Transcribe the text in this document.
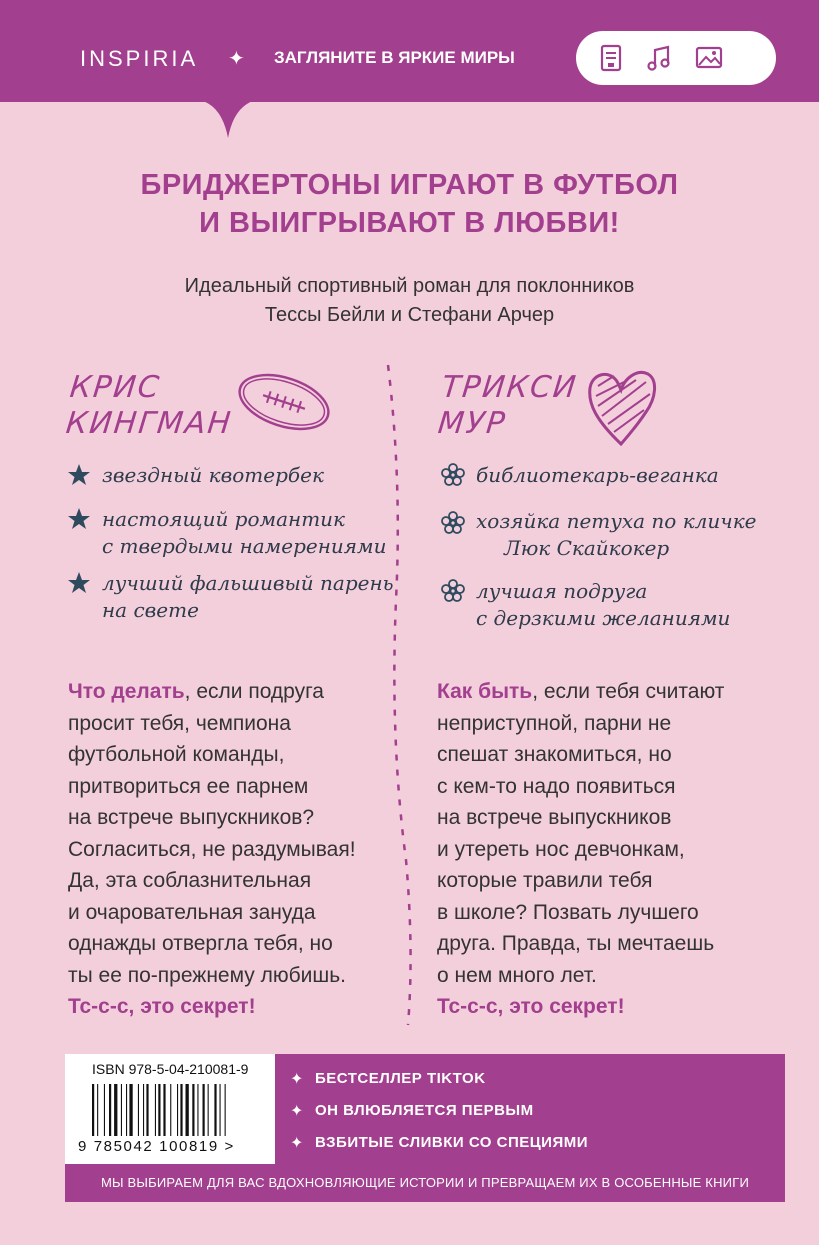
INSPIRIA ✦ ЗАГЛЯНИТЕ В ЯРКИЕ МИРЫ
БРИДЖЕРТОНЫ ИГРАЮТ В ФУТБОЛ
И ВЫИГРЫВАЮТ В ЛЮБВИ!
Идеальный спортивный роман для поклонников
Тессы Бейли и Стефани Арчер
КРИС
КИНГМАН
звездный квотербек
настоящий романтик
с твердыми намерениями
лучший фальшивый парень
на свете
Что делать, если подруга
просит тебя, чемпиона
футбольной команды,
притвориться ее парнем
на встрече выпускников?
Согласиться, не раздумывая!
Да, эта соблазнительная
и очаровательная зануда
однажды отвергла тебя, но
ты ее по-прежнему любишь.
Тс-с-с, это секрет!
ТРИКСИ
МУР
библиотекарь-веганка
хозяйка петуха по кличке
Люк Скайкокер
лучшая подруга
с дерзкими желаниями
Как быть, если тебя считают
неприступной, парни не
спешат знакомиться, но
с кем-то надо появиться
на встрече выпускников
и утереть нос девчонкам,
которые травили тебя
в школе? Позвать лучшего
друга. Правда, ты мечтаешь
о нем много лет.
Тс-с-с, это секрет!
ISBN 978-5-04-210081-9
9 785042 100819 >
✦ БЕСТСЕЛЛЕР TIKTOK
✦ ОН ВЛЮБЛЯЕТСЯ ПЕРВЫМ
✦ ВЗБИТЫЕ СЛИВКИ СО СПЕЦИЯМИ
МЫ ВЫБИРАЕМ ДЛЯ ВАС ВДОХНОВЛЯЮЩИЕ ИСТОРИИ И ПРЕВРАЩАЕМ ИХ В ОСОБЕННЫЕ КНИГИ
